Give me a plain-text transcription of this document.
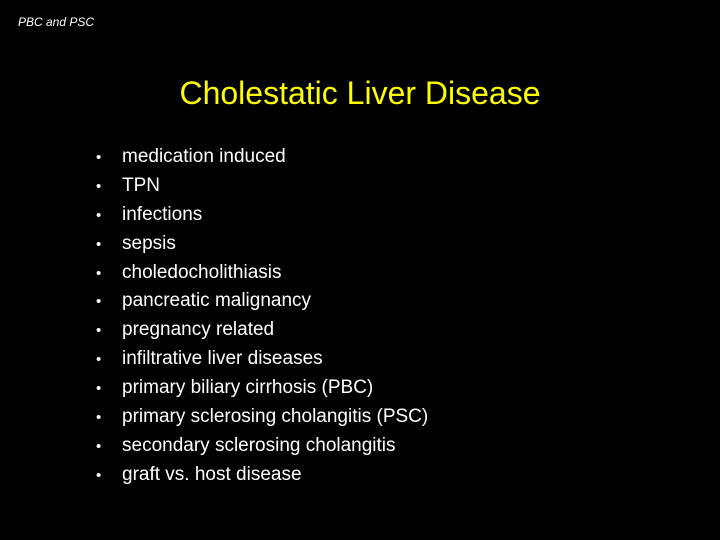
PBC and PSC
Cholestatic Liver Disease
•	medication induced
•	TPN
•	infections
•	sepsis
•	choledocholithiasis
•	pancreatic malignancy
•	pregnancy related
•	infiltrative liver diseases
•	primary biliary cirrhosis (PBC)
•	primary sclerosing cholangitis (PSC)
•	secondary sclerosing cholangitis
•	graft vs. host disease
